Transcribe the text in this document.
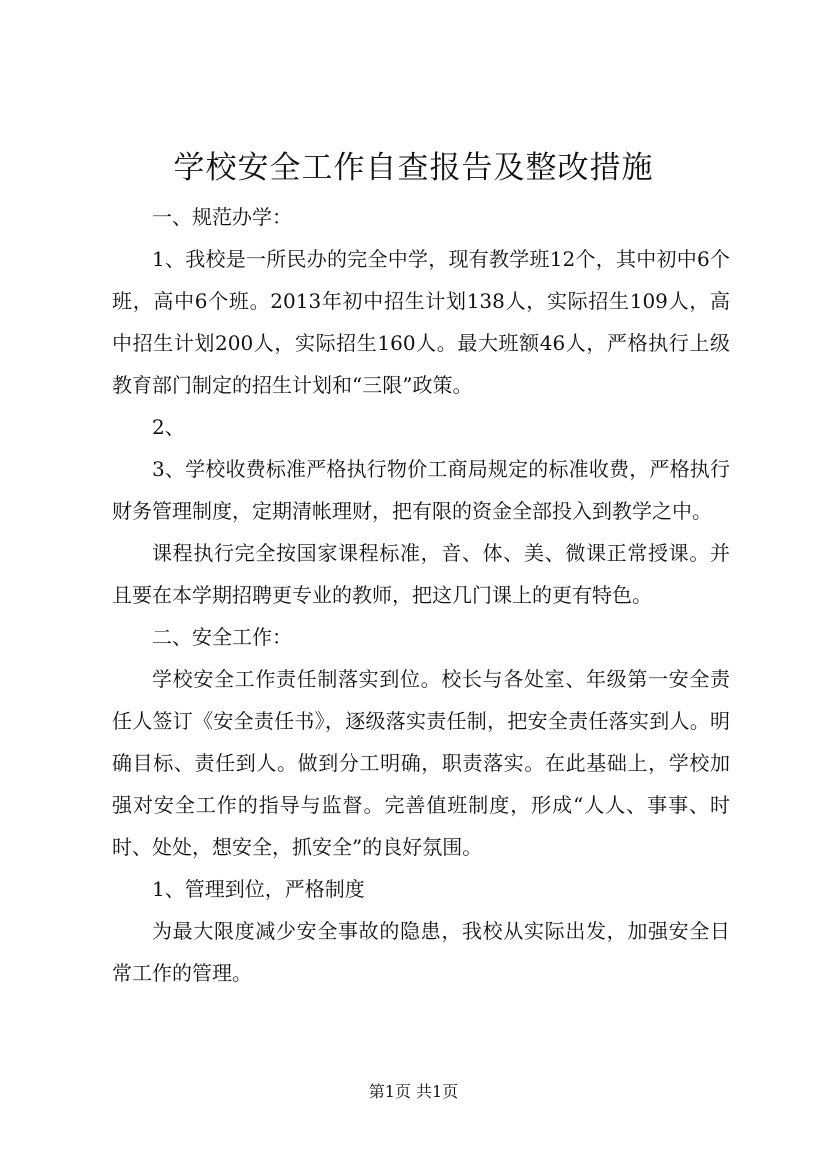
学校安全工作自查报告及整改措施

一、规范办学：

1、我校是一所民办的完全中学，现有教学班12个，其中初中6个班，高中6个班。2013年初中招生计划138人，实际招生109人，高中招生计划200人，实际招生160人。最大班额46人，严格执行上级教育部门制定的招生计划和“三限”政策。

2、

3、学校收费标准严格执行物价工商局规定的标准收费，严格执行财务管理制度，定期清帐理财，把有限的资金全部投入到教学之中。

课程执行完全按国家课程标准，音、体、美、微课正常授课。并且要在本学期招聘更专业的教师，把这几门课上的更有特色。

二、安全工作：

学校安全工作责任制落实到位。校长与各处室、年级第一安全责任人签订《安全责任书》，逐级落实责任制，把安全责任落实到人。明确目标、责任到人。做到分工明确，职责落实。在此基础上，学校加强对安全工作的指导与监督。完善值班制度，形成“人人、事事、时时、处处，想安全，抓安全”的良好氛围。

1、管理到位，严格制度

为最大限度减少安全事故的隐患，我校从实际出发，加强安全日常工作的管理。

第1页 共1页
